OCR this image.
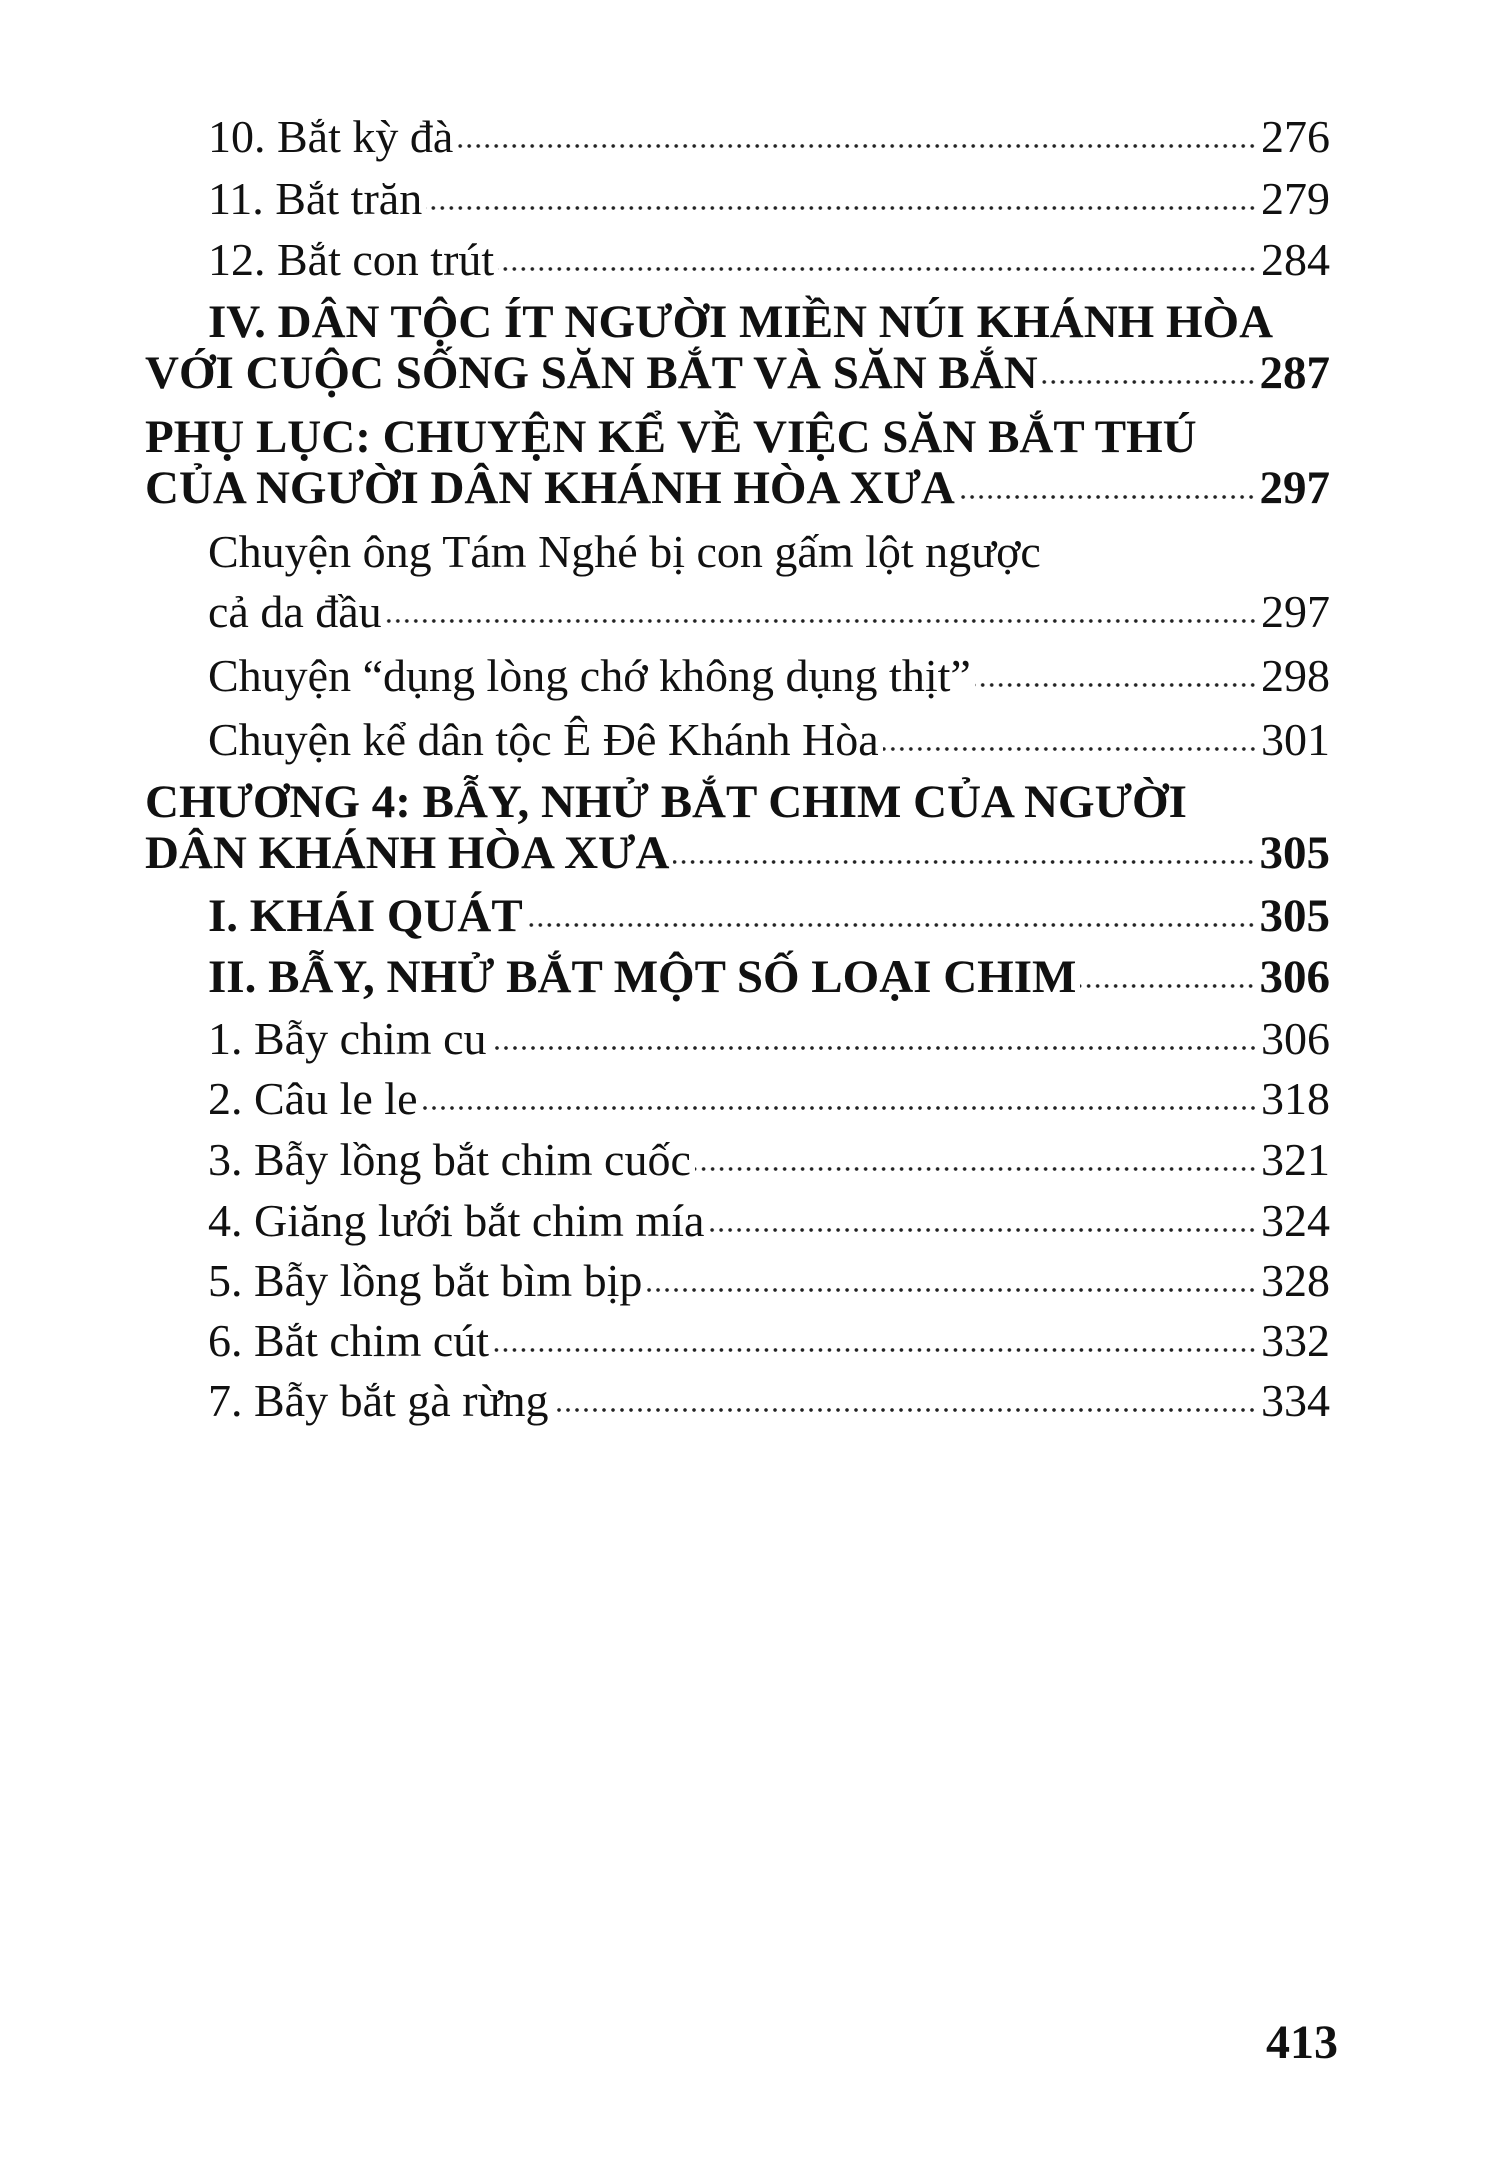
10. Bắt kỳ đà	276
11. Bắt trăn	279
12. Bắt con trút	284
IV. DÂN TỘC ÍT NGƯỜI MIỀN NÚI KHÁNH HÒA
VỚI CUỘC SỐNG SĂN BẮT VÀ SĂN BẮN	287
PHỤ LỤC: CHUYỆN KỂ VỀ VIỆC SĂN BẮT THÚ
CỦA NGƯỜI DÂN KHÁNH HÒA XƯA	297
Chuyện ông Tám Nghé bị con gấm lột ngược
cả da đầu	297
Chuyện “dụng lòng chớ không dụng thịt”	298
Chuyện kể dân tộc Ê Đê Khánh Hòa	301
CHƯƠNG 4: BẪY, NHỬ BẮT CHIM CỦA NGƯỜI
DÂN KHÁNH HÒA XƯA	305
I. KHÁI QUÁT	305
II. BẪY, NHỬ BẮT MỘT SỐ LOẠI CHIM	306
1. Bẫy chim cu	306
2. Câu le le	318
3. Bẫy lồng bắt chim cuốc	321
4. Giăng lưới bắt chim mía	324
5. Bẫy lồng bắt bìm bịp	328
6. Bắt chim cút	332
7. Bẫy bắt gà rừng	334
413
